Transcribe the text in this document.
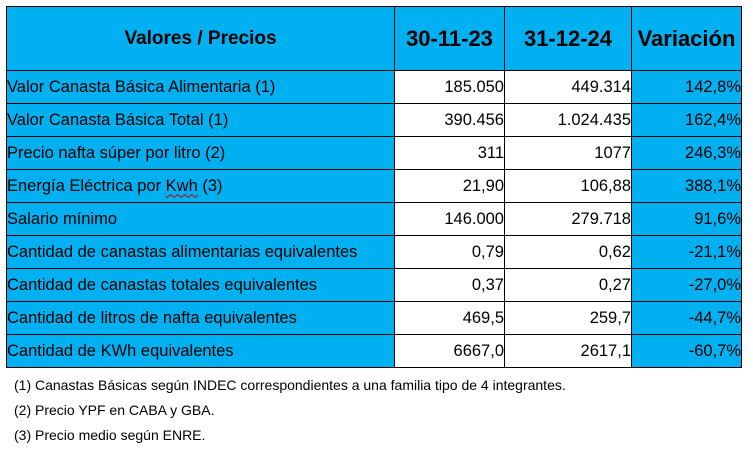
Valores / Precios	30-11-23	31-12-24	Variación
Valor Canasta Básica Alimentaria (1)	185.050	449.314	142,8%
Valor Canasta Básica Total (1)	390.456	1.024.435	162,4%
Precio nafta súper por litro (2)	311	1077	246,3%
Energía Eléctrica por Kwh (3)	21,90	106,88	388,1%
Salario mínimo	146.000	279.718	91,6%
Cantidad de canastas alimentarias equivalentes	0,79	0,62	-21,1%
Cantidad de canastas totales equivalentes	0,37	0,27	-27,0%
Cantidad de litros de nafta equivalentes	469,5	259,7	-44,7%
Cantidad de KWh equivalentes	6667,0	2617,1	-60,7%
(1) Canastas Básicas según INDEC correspondientes a una familia tipo de 4 integrantes.
(2) Precio YPF en CABA y GBA.
(3) Precio medio según ENRE.
